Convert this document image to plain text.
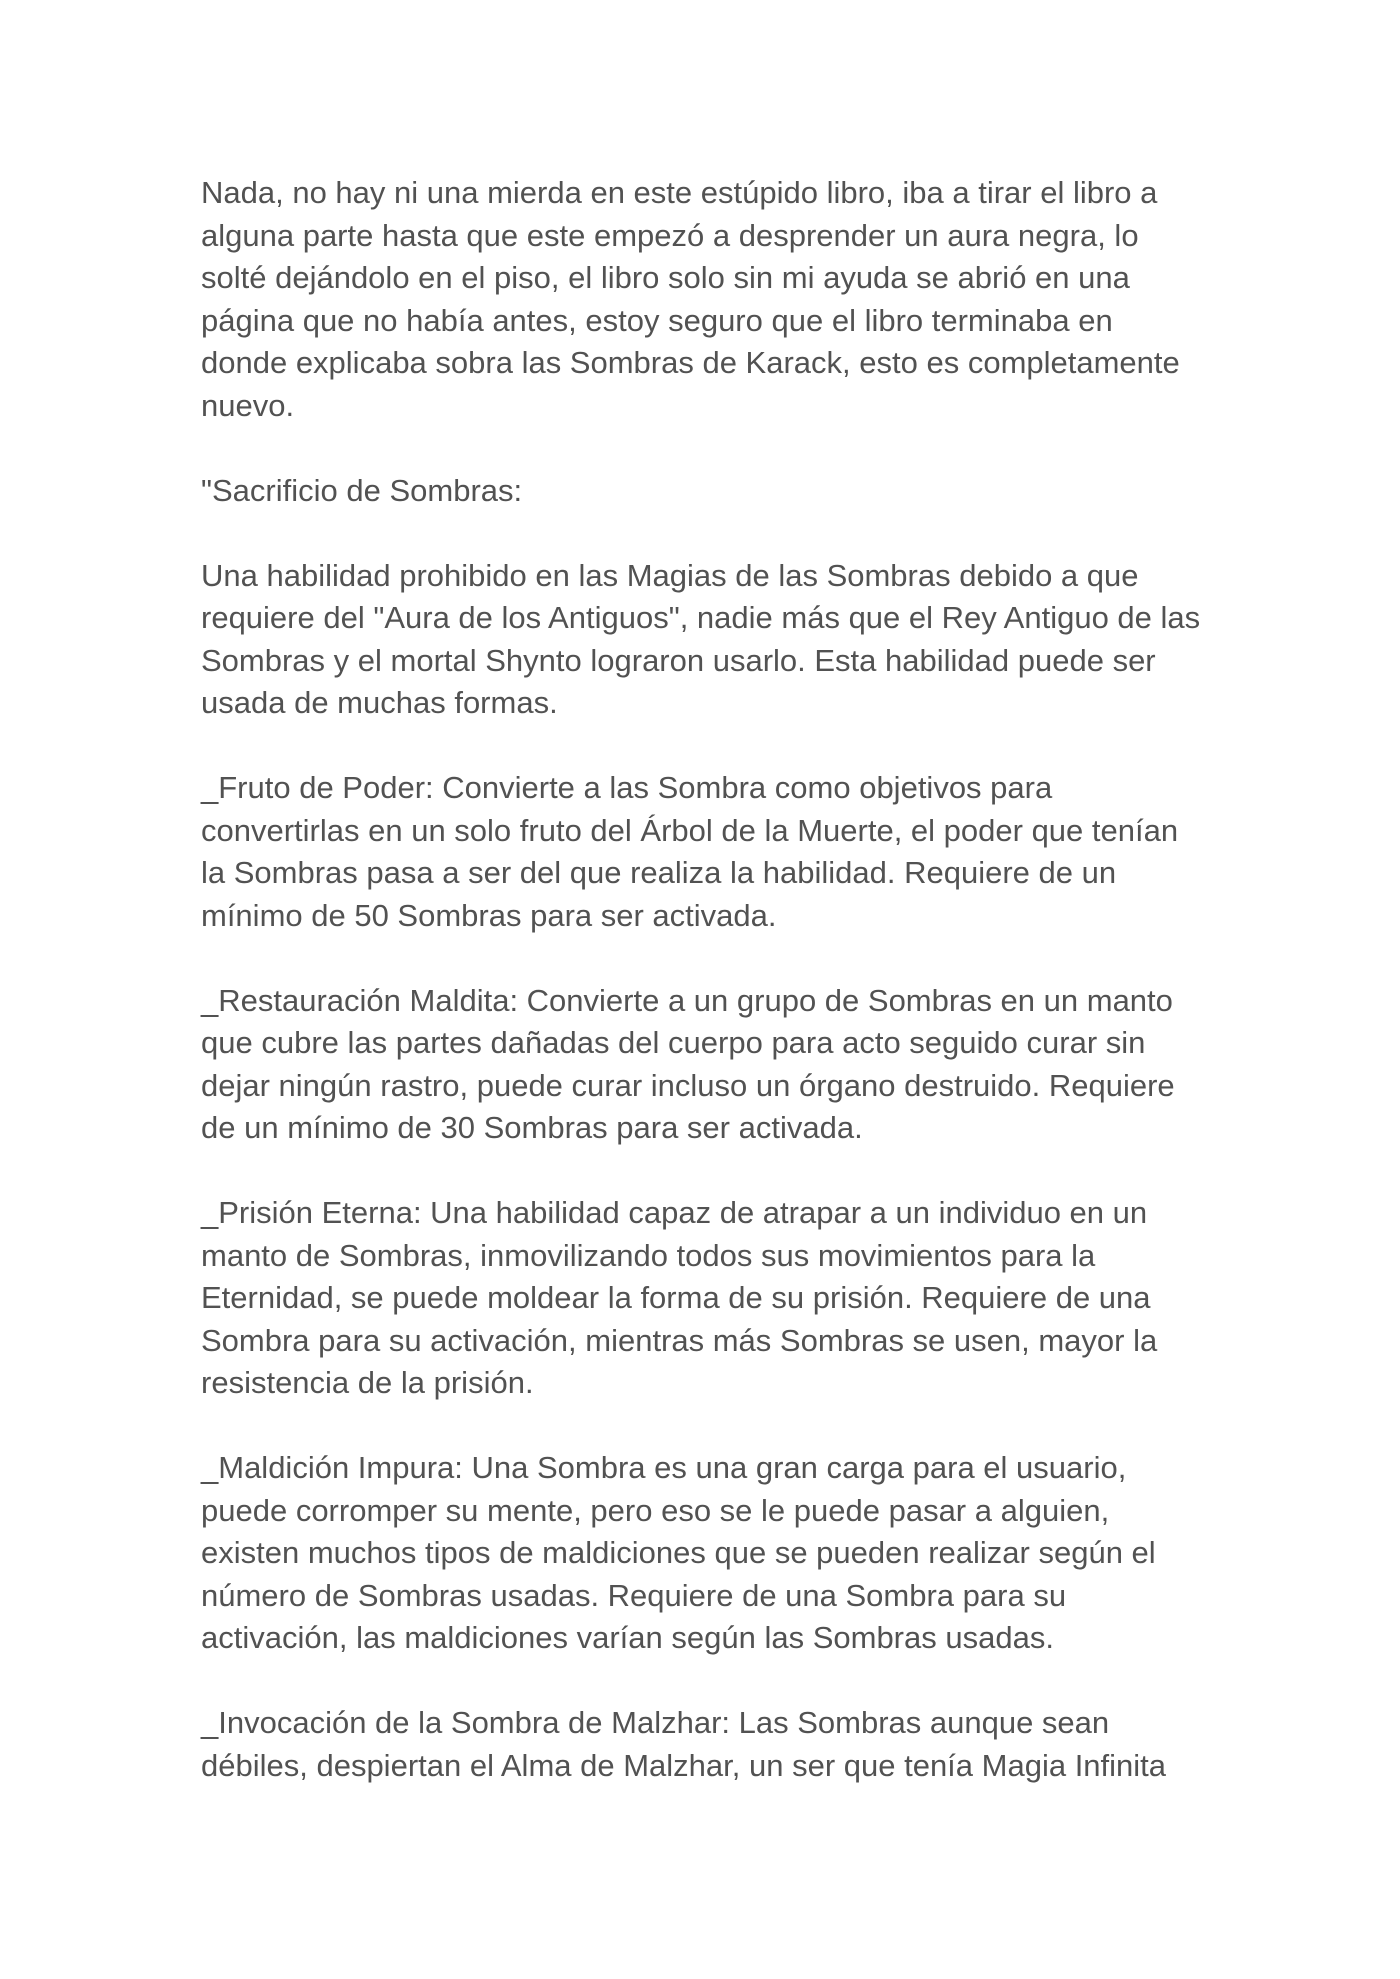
Nada, no hay ni una mierda en este estúpido libro, iba a tirar el libro a alguna parte hasta que este empezó a desprender un aura negra, lo solté dejándolo en el piso, el libro solo sin mi ayuda se abrió en una página que no había antes, estoy seguro que el libro terminaba en donde explicaba sobra las Sombras de Karack, esto es completamente nuevo.

"Sacrificio de Sombras:

Una habilidad prohibido en las Magias de las Sombras debido a que requiere del "Aura de los Antiguos", nadie más que el Rey Antiguo de las Sombras y el mortal Shynto lograron usarlo. Esta habilidad puede ser usada de muchas formas.

_Fruto de Poder: Convierte a las Sombra como objetivos para convertirlas en un solo fruto del Árbol de la Muerte, el poder que tenían la Sombras pasa a ser del que realiza la habilidad. Requiere de un mínimo de 50 Sombras para ser activada.

_Restauración Maldita: Convierte a un grupo de Sombras en un manto que cubre las partes dañadas del cuerpo para acto seguido curar sin dejar ningún rastro, puede curar incluso un órgano destruido. Requiere de un mínimo de 30 Sombras para ser activada.

_Prisión Eterna: Una habilidad capaz de atrapar a un individuo en un manto de Sombras, inmovilizando todos sus movimientos para la Eternidad, se puede moldear la forma de su prisión. Requiere de una Sombra para su activación, mientras más Sombras se usen, mayor la resistencia de la prisión.

_Maldición Impura: Una Sombra es una gran carga para el usuario, puede corromper su mente, pero eso se le puede pasar a alguien, existen muchos tipos de maldiciones que se pueden realizar según el número de Sombras usadas. Requiere de una Sombra para su activación, las maldiciones varían según las Sombras usadas.

_Invocación de la Sombra de Malzhar: Las Sombras aunque sean débiles, despiertan el Alma de Malzhar, un ser que tenía Magia Infinita
